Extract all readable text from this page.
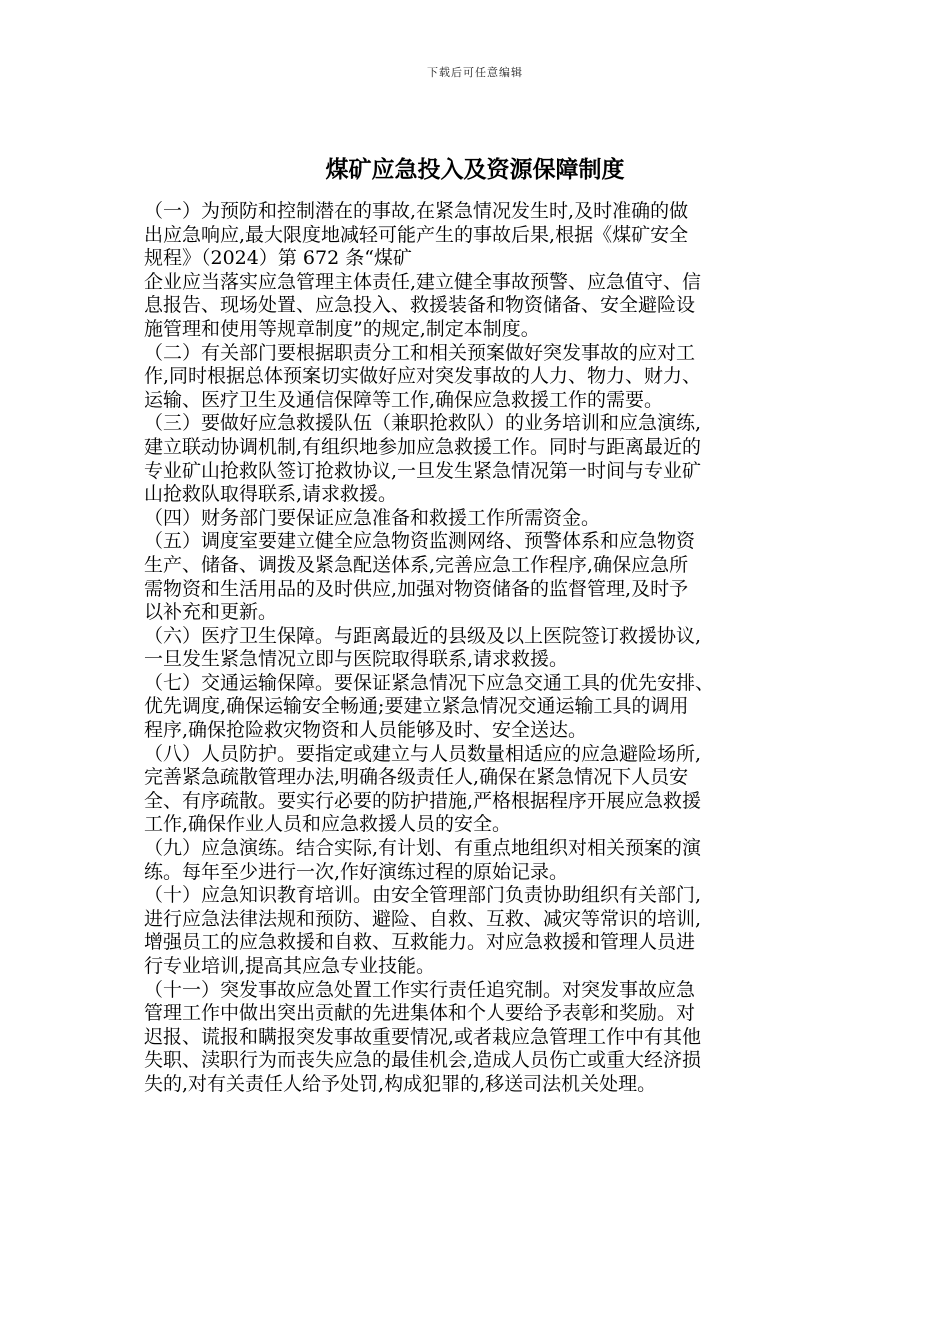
下载后可任意编辑
煤矿应急投入及资源保障制度
（一）为预防和控制潜在的事故,在紧急情况发生时,及时准确的做
出应急响应,最大限度地减轻可能产生的事故后果,根据《煤矿安全
规程》（2024）第 672 条“煤矿
企业应当落实应急管理主体责任,建立健全事故预警、应急值守、信
息报告、现场处置、应急投入、救援装备和物资储备、安全避险设
施管理和使用等规章制度”的规定,制定本制度。
（二）有关部门要根据职责分工和相关预案做好突发事故的应对工
作,同时根据总体预案切实做好应对突发事故的人力、物力、财力、
运输、医疗卫生及通信保障等工作,确保应急救援工作的需要。
（三）要做好应急救援队伍（兼职抢救队）的业务培训和应急演练,
建立联动协调机制,有组织地参加应急救援工作。同时与距离最近的
专业矿山抢救队签订抢救协议,一旦发生紧急情况第一时间与专业矿
山抢救队取得联系,请求救援。
（四）财务部门要保证应急准备和救援工作所需资金。
（五）调度室要建立健全应急物资监测网络、预警体系和应急物资
生产、储备、调拨及紧急配送体系,完善应急工作程序,确保应急所
需物资和生活用品的及时供应,加强对物资储备的监督管理,及时予
以补充和更新。
（六）医疗卫生保障。与距离最近的县级及以上医院签订救援协议,
一旦发生紧急情况立即与医院取得联系,请求救援。
（七）交通运输保障。要保证紧急情况下应急交通工具的优先安排、
优先调度,确保运输安全畅通;要建立紧急情况交通运输工具的调用
程序,确保抢险救灾物资和人员能够及时、安全送达。
（八）人员防护。要指定或建立与人员数量相适应的应急避险场所,
完善紧急疏散管理办法,明确各级责任人,确保在紧急情况下人员安
全、有序疏散。要实行必要的防护措施,严格根据程序开展应急救援
工作,确保作业人员和应急救援人员的安全。
（九）应急演练。结合实际,有计划、有重点地组织对相关预案的演
练。每年至少进行一次,作好演练过程的原始记录。
（十）应急知识教育培训。由安全管理部门负责协助组织有关部门,
进行应急法律法规和预防、避险、自救、互救、减灾等常识的培训,
增强员工的应急救援和自救、互救能力。对应急救援和管理人员进
行专业培训,提高其应急专业技能。
（十一）突发事故应急处置工作实行责任追究制。对突发事故应急
管理工作中做出突出贡献的先进集体和个人要给予表彰和奖励。对
迟报、谎报和瞒报突发事故重要情况,或者栽应急管理工作中有其他
失职、渎职行为而丧失应急的最佳机会,造成人员伤亡或重大经济损
失的,对有关责任人给予处罚,构成犯罪的,移送司法机关处理。
